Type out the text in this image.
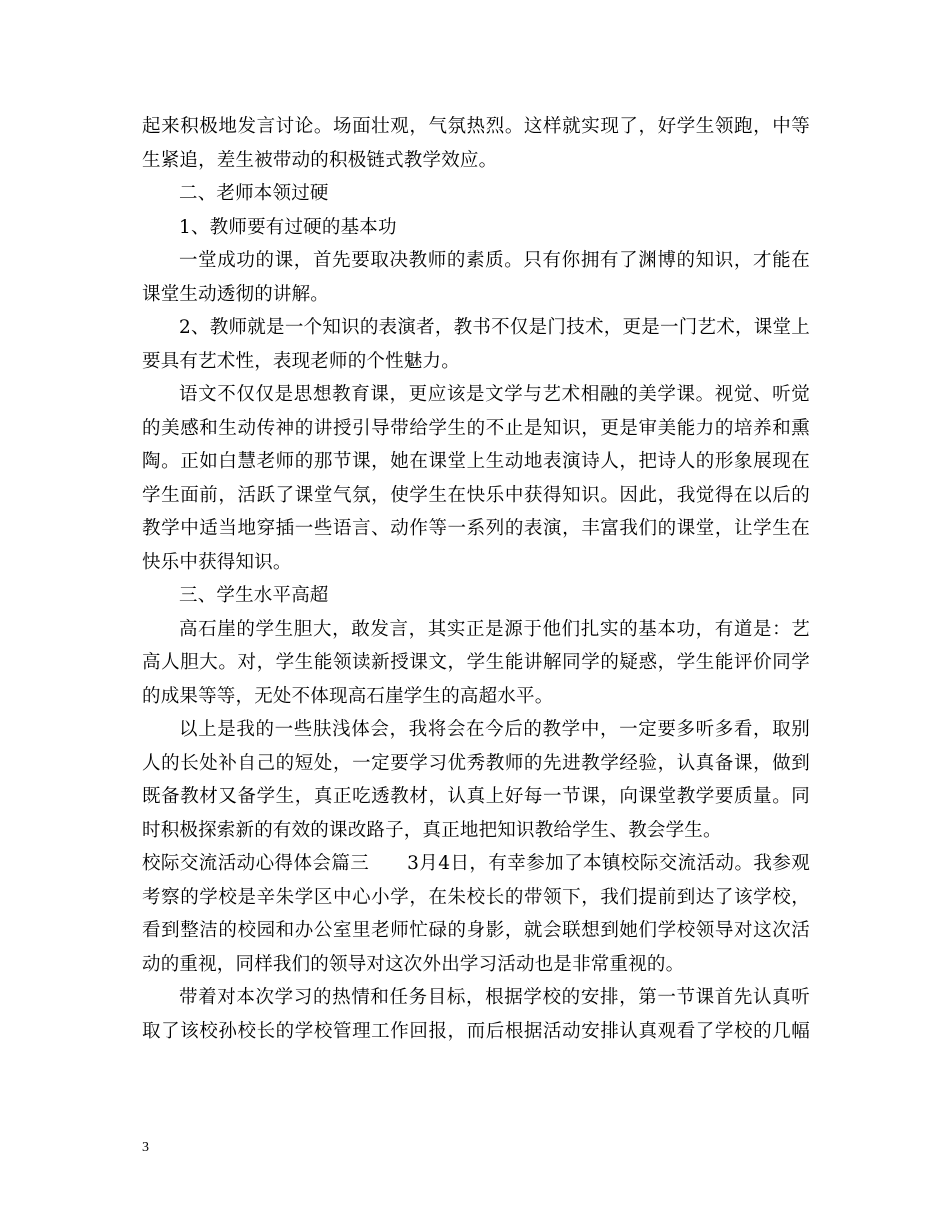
起来积极地发言讨论。场面壮观，气氛热烈。这样就实现了，好学生领跑，中等
生紧追，差生被带动的积极链式教学效应。
二、老师本领过硬
1、教师要有过硬的基本功
一堂成功的课，首先要取决教师的素质。只有你拥有了渊博的知识，才能在
课堂生动透彻的讲解。
2、教师就是一个知识的表演者，教书不仅是门技术，更是一门艺术，课堂上
要具有艺术性，表现老师的个性魅力。
语文不仅仅是思想教育课，更应该是文学与艺术相融的美学课。视觉、听觉
的美感和生动传神的讲授引导带给学生的不止是知识，更是审美能力的培养和熏
陶。正如白慧老师的那节课，她在课堂上生动地表演诗人，把诗人的形象展现在
学生面前，活跃了课堂气氛，使学生在快乐中获得知识。因此，我觉得在以后的
教学中适当地穿插一些语言、动作等一系列的表演，丰富我们的课堂，让学生在
快乐中获得知识。
三、学生水平高超
高石崖的学生胆大，敢发言，其实正是源于他们扎实的基本功，有道是：艺
高人胆大。对，学生能领读新授课文，学生能讲解同学的疑惑，学生能评价同学
的成果等等，无处不体现高石崖学生的高超水平。
以上是我的一些肤浅体会，我将会在今后的教学中，一定要多听多看，取别
人的长处补自己的短处，一定要学习优秀教师的先进教学经验，认真备课，做到
既备教材又备学生，真正吃透教材，认真上好每一节课，向课堂教学要质量。同
时积极探索新的有效的课改路子，真正地把知识教给学生、教会学生。
校际交流活动心得体会篇三　　3月4日，有幸参加了本镇校际交流活动。我参观
考察的学校是辛朱学区中心小学，在朱校长的带领下，我们提前到达了该学校，
看到整洁的校园和办公室里老师忙碌的身影，就会联想到她们学校领导对这次活
动的重视，同样我们的领导对这次外出学习活动也是非常重视的。
带着对本次学习的热情和任务目标，根据学校的安排，第一节课首先认真听
取了该校孙校长的学校管理工作回报，而后根据活动安排认真观看了学校的几幅
3
